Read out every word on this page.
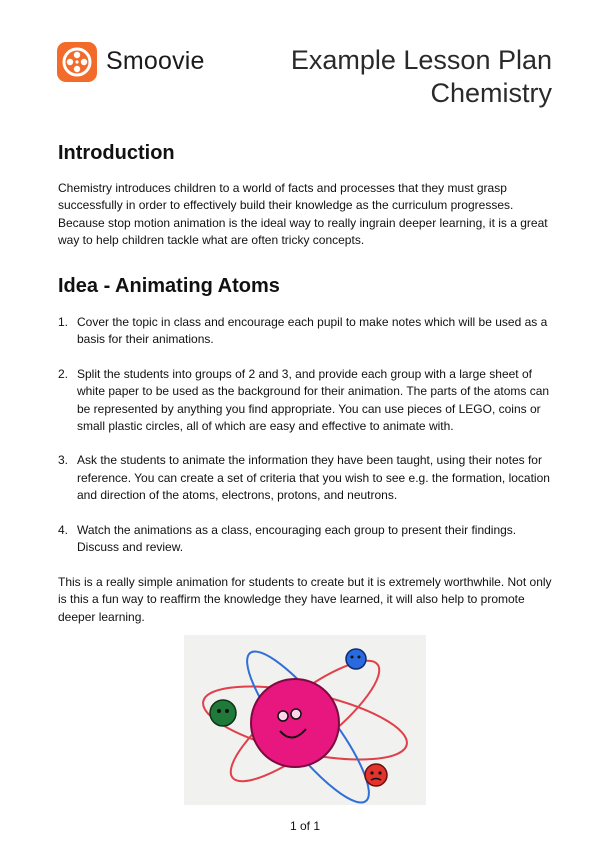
Smoovie	Example Lesson Plan
Chemistry
Introduction

Chemistry introduces children to a world of facts and processes that they must grasp successfully in order to effectively build their knowledge as the curriculum progresses. Because stop motion animation is the ideal way to really ingrain deeper learning, it is a great way to help children tackle what are often tricky concepts.

Idea - Animating Atoms
1. Cover the topic in class and encourage each pupil to make notes which will be used as a basis for their animations.
2. Split the students into groups of 2 and 3, and provide each group with a large sheet of white paper to be used as the background for their animation. The parts of the atoms can be represented by anything you find appropriate. You can use pieces of LEGO, coins or small plastic circles, all of which are easy and effective to animate with.
3. Ask the students to animate the information they have been taught, using their notes for reference. You can create a set of criteria that you wish to see e.g. the formation, location and direction of the atoms, electrons, protons, and neutrons.
4. Watch the animations as a class, encouraging each group to present their findings. Discuss and review.

This is a really simple animation for students to create but it is extremely worthwhile. Not only is this a fun way to reaffirm the knowledge they have learned, it will also help to promote deeper learning.

1 of 1
